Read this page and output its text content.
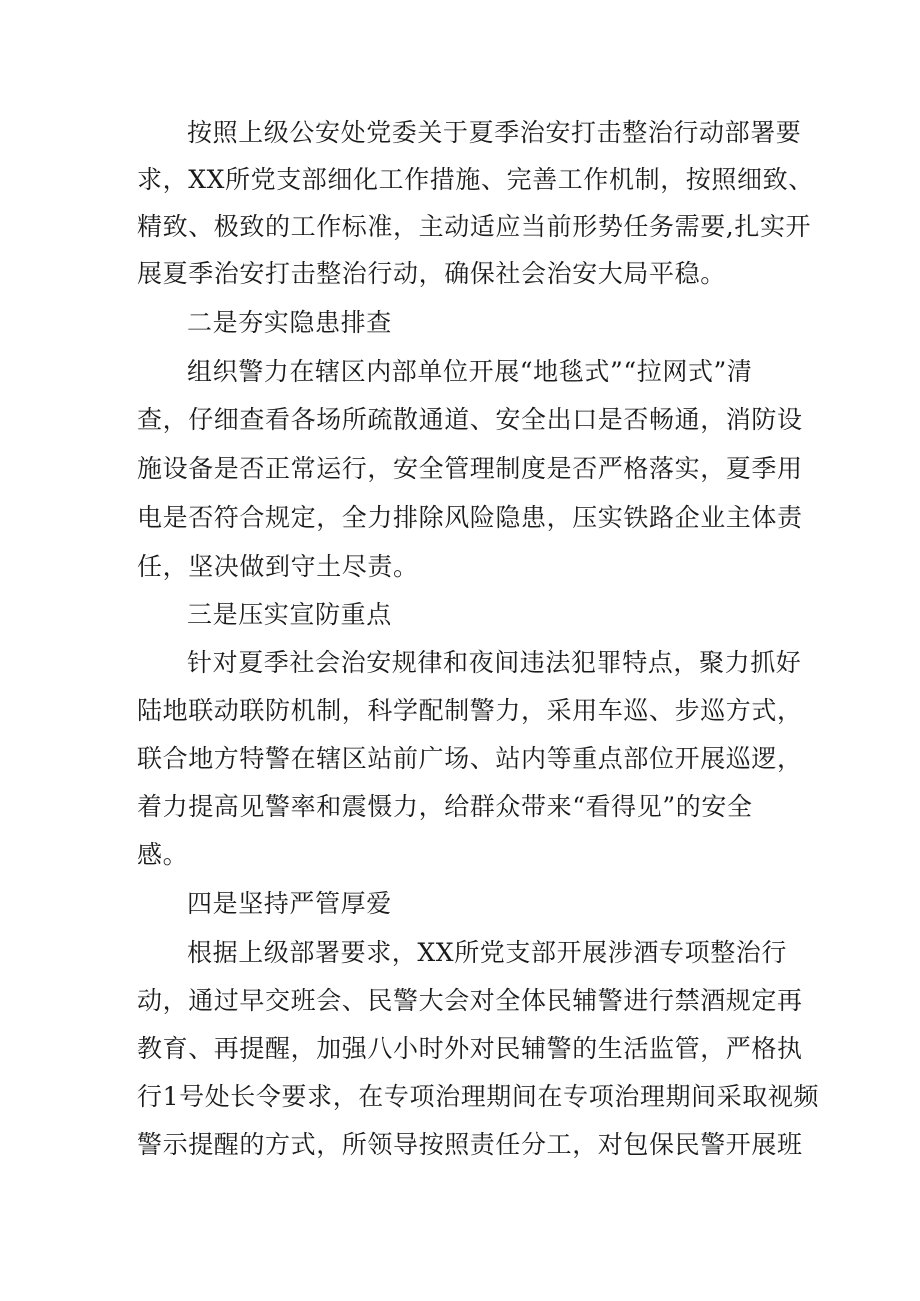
按照上级公安处党委关于夏季治安打击整治行动部署要

求，XX所党支部细化工作措施、完善工作机制，按照细致、

精致、极致的工作标准，主动适应当前形势任务需要,扎实开

展夏季治安打击整治行动，确保社会治安大局平稳。

二是夯实隐患排查

组织警力在辖区内部单位开展“地毯式”“拉网式”清

查，仔细查看各场所疏散通道、安全出口是否畅通，消防设

施设备是否正常运行，安全管理制度是否严格落实，夏季用

电是否符合规定，全力排除风险隐患，压实铁路企业主体责

任，坚决做到守土尽责。

三是压实宣防重点

针对夏季社会治安规律和夜间违法犯罪特点，聚力抓好

陆地联动联防机制，科学配制警力，采用车巡、步巡方式，

联合地方特警在辖区站前广场、站内等重点部位开展巡逻，

着力提高见警率和震慑力，给群众带来“看得见”的安全

感。

四是坚持严管厚爱

根据上级部署要求，XX所党支部开展涉酒专项整治行

动，通过早交班会、民警大会对全体民辅警进行禁酒规定再

教育、再提醒，加强八小时外对民辅警的生活监管，严格执

行1号处长令要求，在专项治理期间在专项治理期间采取视频

警示提醒的方式，所领导按照责任分工，对包保民警开展班
